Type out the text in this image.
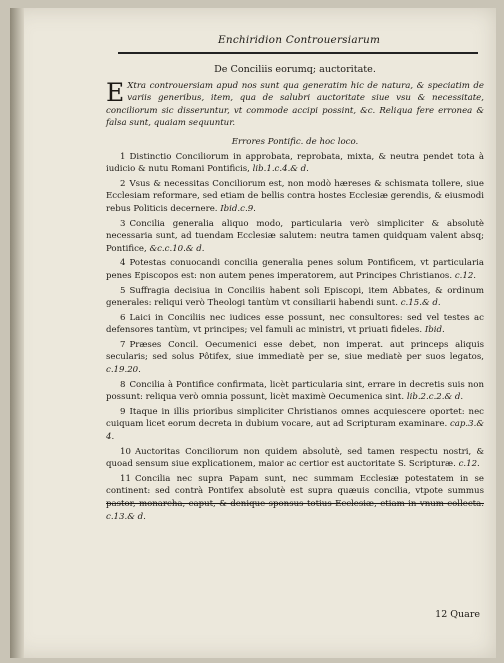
Enchiridion Controuersiarum
De Conciliis eorumq; auctoritate.

E Xtra controuersiam apud nos sunt qua generatim hic de natura, & speciatim de variis generibus, item, qua de salubri auctoritate siue vsu & necessitate, conciliorum sic disseruntur, vt commode accipi possint, &c. Reliqua fere erronea & falsa sunt, quaiam sequuntur.

Errores Pontific. de hoc loco.

1 Distinctio Conciliorum in approbata, reprobata, mixta, & neutra pendet tota à iudicio & nutu Romani Pontificis, lib.1.c.4.& d.

2 Vsus & necessitas Conciliorum est, non modò hæreses & schismata tollere, siue Ecclesiam reformare, sed etiam de bellis contra hostes Ecclesiæ gerendis, & eiusmodi rebus Politicis decernere. Ibid.c.9.

3 Concilia generalia aliquo modo, particularia verò simpliciter & absolutè necessaria sunt, ad tuendam Ecclesiæ salutem: neutra tamen quidquam valent absq; Pontifice, &c.c.10.& d.

4 Potestas conuocandi concilia generalia penes solum Pontificem, vt particularia penes Episcopos est: non autem penes imperatorem, aut Principes Christianos. c.12.

5 Suffragia decisiua in Conciliis habent soli Episcopi, item Abbates, & ordinum generales: reliqui verò Theologi tantùm vt consiliarii habendi sunt. c.15.& d.

6 Laici in Conciliis nec iudices esse possunt, nec consultores: sed vel testes ac defensores tantùm, vt principes; vel famuli ac ministri, vt priuati fideles. Ibid.

7 Præses Concil. Oecumenici esse debet, non imperat. aut princeps aliquis secularis; sed solus Pôtifex, siue immediatè per se, siue mediatè per suos legatos, c.19.20.

8 Concilia à Pontifice confirmata, licèt particularia sint, errare in decretis suis non possunt: reliqua verò omnia possunt, licèt maximè Oecumenica sint. lib.2.c.2.& d.

9 Itaque in illis prioribus simpliciter Christianos omnes acquiescere oportet: nec cuiquam licet eorum decreta in dubium vocare, aut ad Scripturam examinare. cap.3.& 4.

10 Auctoritas Conciliorum non quidem absolutè, sed tamen respectu nostri, & quoad sensum siue explicationem, maior ac certior est auctoritate S. Scripturæ. c.12.

11 Concilia nec supra Papam sunt, nec summam Ecclesiæ potestatem in se continent: sed contrà Pontifex absolutè est supra quæuis concilia, vtpote summus pastor, monarcha, caput, & denique sponsus totius Ecclesiæ, etiam in vnum collecta. c.13.& d.

12 Quare
